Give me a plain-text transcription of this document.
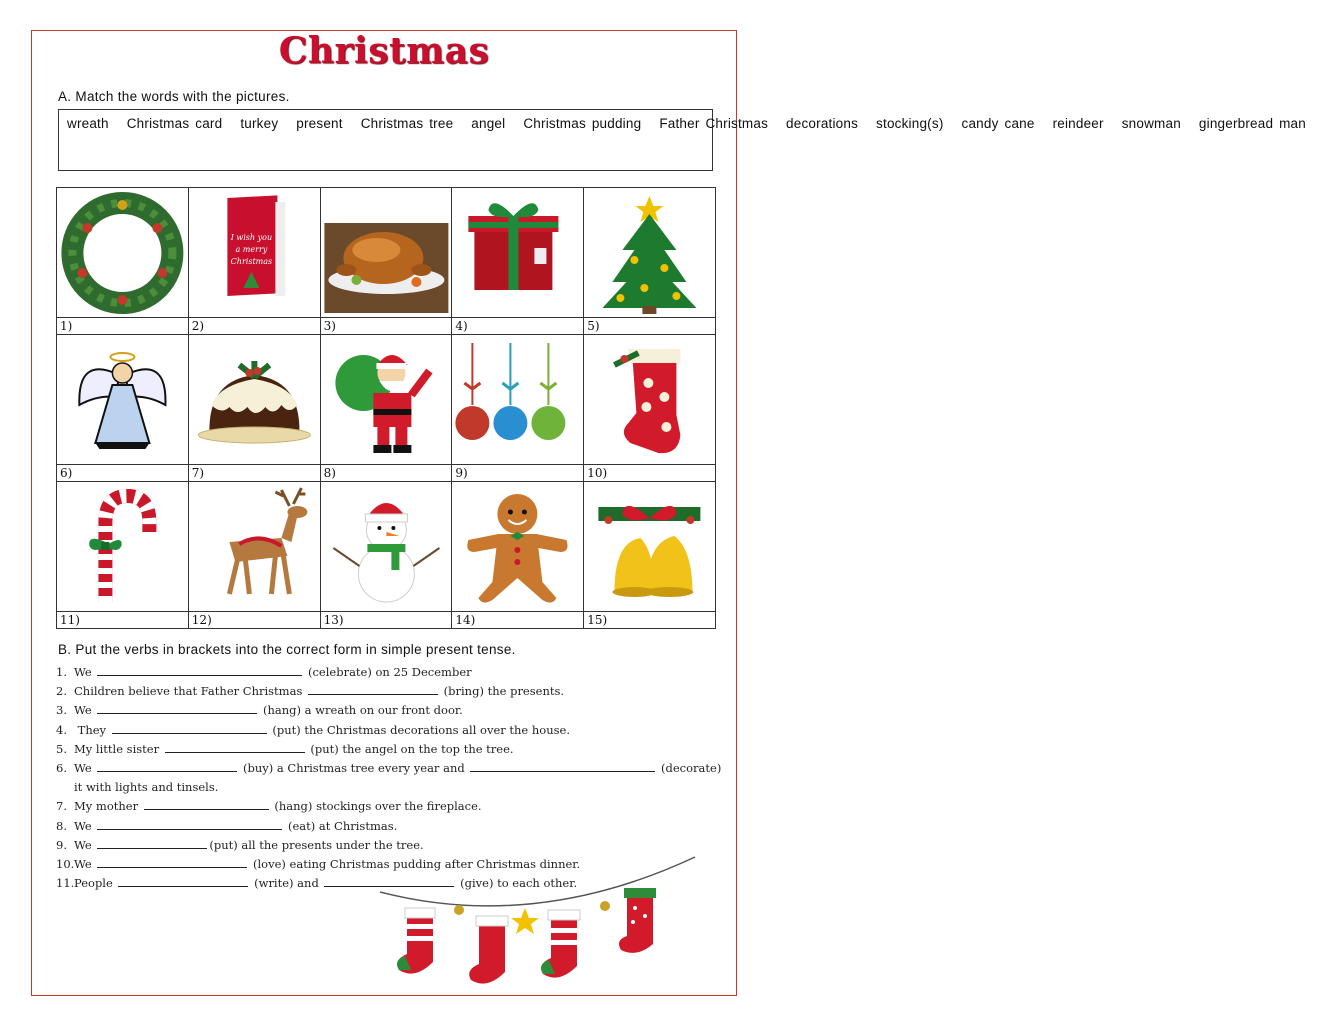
Christmas
A. Match the words with the pictures.
wreath Christmas card turkey present Christmas tree angel Christmas pudding Father Christmas decorations stocking(s) candy cane reindeer snowman gingerbread man
1)
I wish you
a merry
Christmas
2)	3)	4)	5)
6)	7)	8)	9)	10)
11)	12)	13)	14)	15)
B. Put the verbs in brackets into the correct form in simple present tense.
1. We	(celebrate) on 25 December
2. Children believe that Father Christmas	(bring) the presents.
3. We	(hang) a wreath on our front door.
4. They	(put) the Christmas decorations all over the house.
5. My little sister	(put) the angel on the top the tree.
6. We	(buy) a Christmas tree every year and	(decorate)
it with lights and tinsels.
7. My mother	(hang) stockings over the fireplace.
8. We	(eat) at Christmas.
9. We	(put) all the presents under the tree.
10.We	(love) eating Christmas pudding after Christmas dinner.
11.People	(write) and	(give) to each other.
